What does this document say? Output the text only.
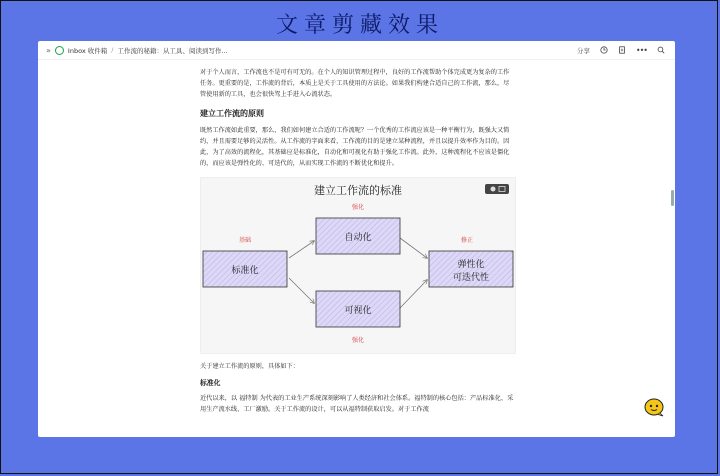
文章剪藏效果
»	Inbox 收件箱 / 工作流的秘籍：从工具、阅读到写作...	分享	•••

对于个人而言，工作流也不是可有可无的。在个人的知识管理过程中，良好的工作流帮助个体完成更为复杂的工作任务。更重要的是，工作流的背后，本质上是关于工具使用的方法论。如果我们构建合适自己的工作流，那么，尽管使用新的工具，也会很快驾上手进入心流状态。

建立工作流的原则

既然工作流如此重要，那么，我们如何建立合适的工作流呢？一个优秀的工作流应该是一种平衡行为，既强大又简约，并且需要足够的灵活性。从工作流的字面来看，工作流的目的是建立某种流程，并且以提升效率作为目的。因此，为了高效的流程化，其基础应是标准化，自动化和可视化有助于强化工作流。此外，这种流程化不应该是僵化的，而应该是弹性化的、可迭代的，从而实现工作流的不断优化和提升。

建立工作流的标准
标准化
自动化
可视化
弹性化
可迭代性
基础
强化
强化
修正

关于建立工作流的原则，具体如下：

标准化

近代以来，以 福特制 为代表的工业生产系统深刻影响了人类经济和社会体系。福特制的核心包括：产品标准化、采用生产流水线、工厂激励。关于工作流的设计，可以从福特制获取启发。对于工作流
